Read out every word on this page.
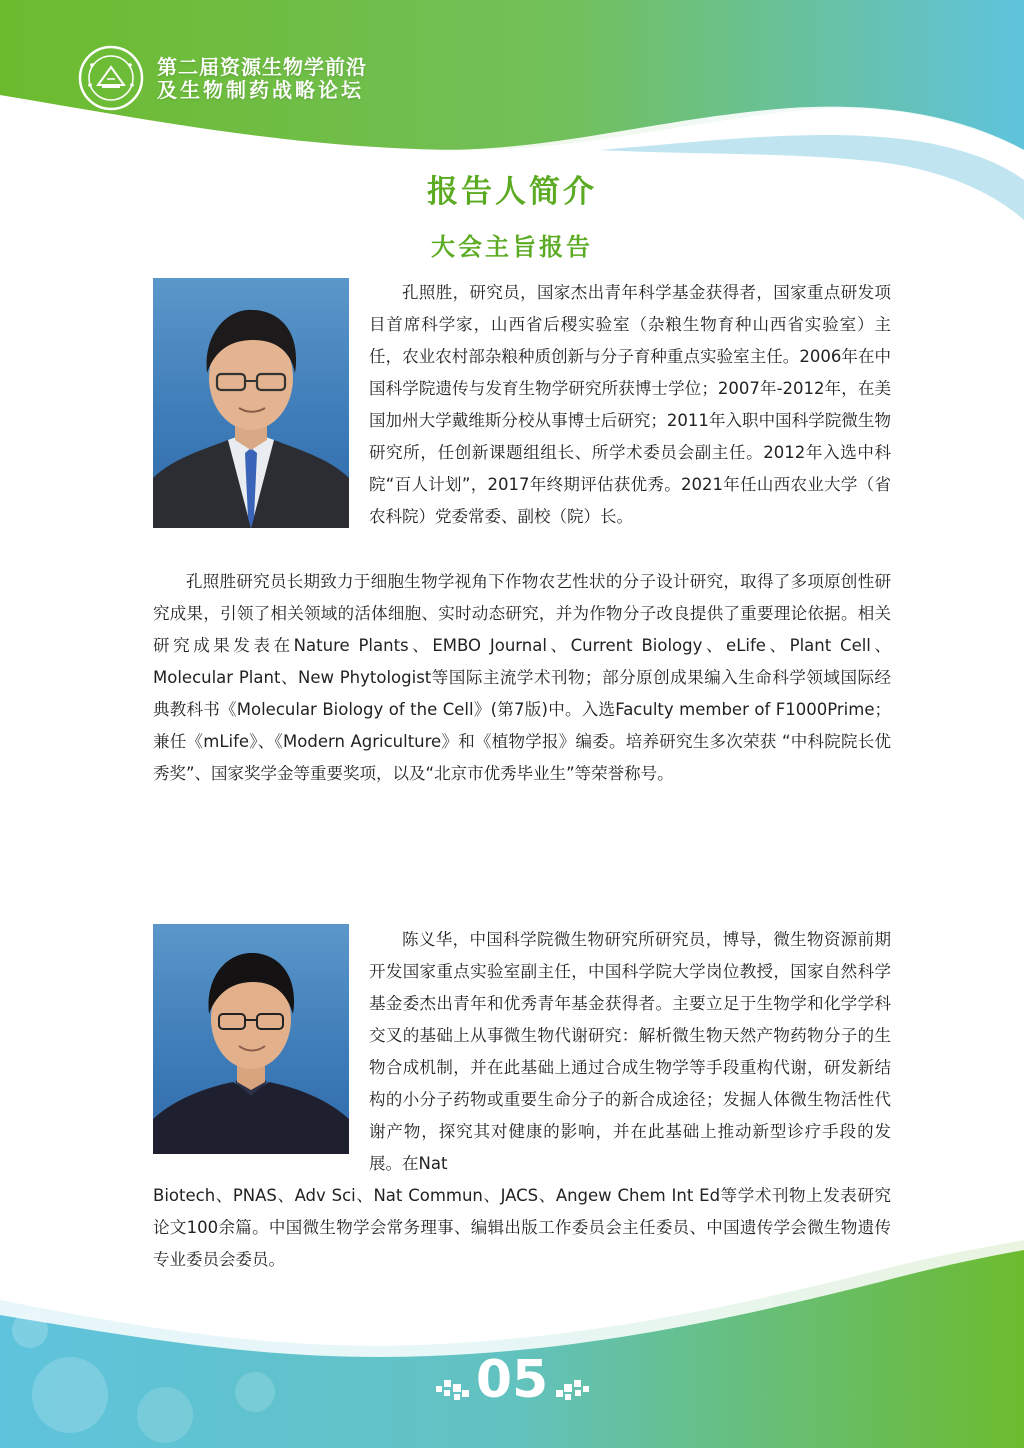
第二届资源生物学前沿
及生物制药战略论坛
报告人简介
大会主旨报告

孔照胜，研究员，国家杰出青年科学基金获得者，国家重点研发项目首席科学家，山西省后稷实验室（杂粮生物育种山西省实验室）主任，农业农村部杂粮种质创新与分子育种重点实验室主任。2006年在中国科学院遗传与发育生物学研究所获博士学位；2007年-2012年，在美国加州大学戴维斯分校从事博士后研究；2011年入职中国科学院微生物研究所，任创新课题组组长、所学术委员会副主任。2012年入选中科院“百人计划”，2017年终期评估获优秀。2021年任山西农业大学（省农科院）党委常委、副校（院）长。

孔照胜研究员长期致力于细胞生物学视角下作物农艺性状的分子设计研究，取得了多项原创性研究成果，引领了相关领域的活体细胞、实时动态研究，并为作物分子改良提供了重要理论依据。相关研究成果发表在Nature Plants、EMBO Journal、Current Biology、eLife、Plant Cell、Molecular Plant、New Phytologist等国际主流学术刊物；部分原创成果编入生命科学领域国际经典教科书《Molecular Biology of the Cell》(第7版)中。入选Faculty member of F1000Prime；兼任《mLife》、《Modern Agriculture》和《植物学报》编委。培养研究生多次荣获 “中科院院长优秀奖”、国家奖学金等重要奖项，以及“北京市优秀毕业生”等荣誉称号。

陈义华，中国科学院微生物研究所研究员，博导，微生物资源前期开发国家重点实验室副主任，中国科学院大学岗位教授，国家自然科学基金委杰出青年和优秀青年基金获得者。主要立足于生物学和化学学科交叉的基础上从事微生物代谢研究：解析微生物天然产物药物分子的生物合成机制，并在此基础上通过合成生物学等手段重构代谢，研发新结构的小分子药物或重要生命分子的新合成途径；发掘人体微生物活性代谢产物，探究其对健康的影响，并在此基础上推动新型诊疗手段的发展。在Nat

Biotech、PNAS、Adv Sci、Nat Commun、JACS、Angew Chem Int Ed等学术刊物上发表研究论文100余篇。中国微生物学会常务理事、编辑出版工作委员会主任委员、中国遗传学会微生物遗传专业委员会委员。

05
